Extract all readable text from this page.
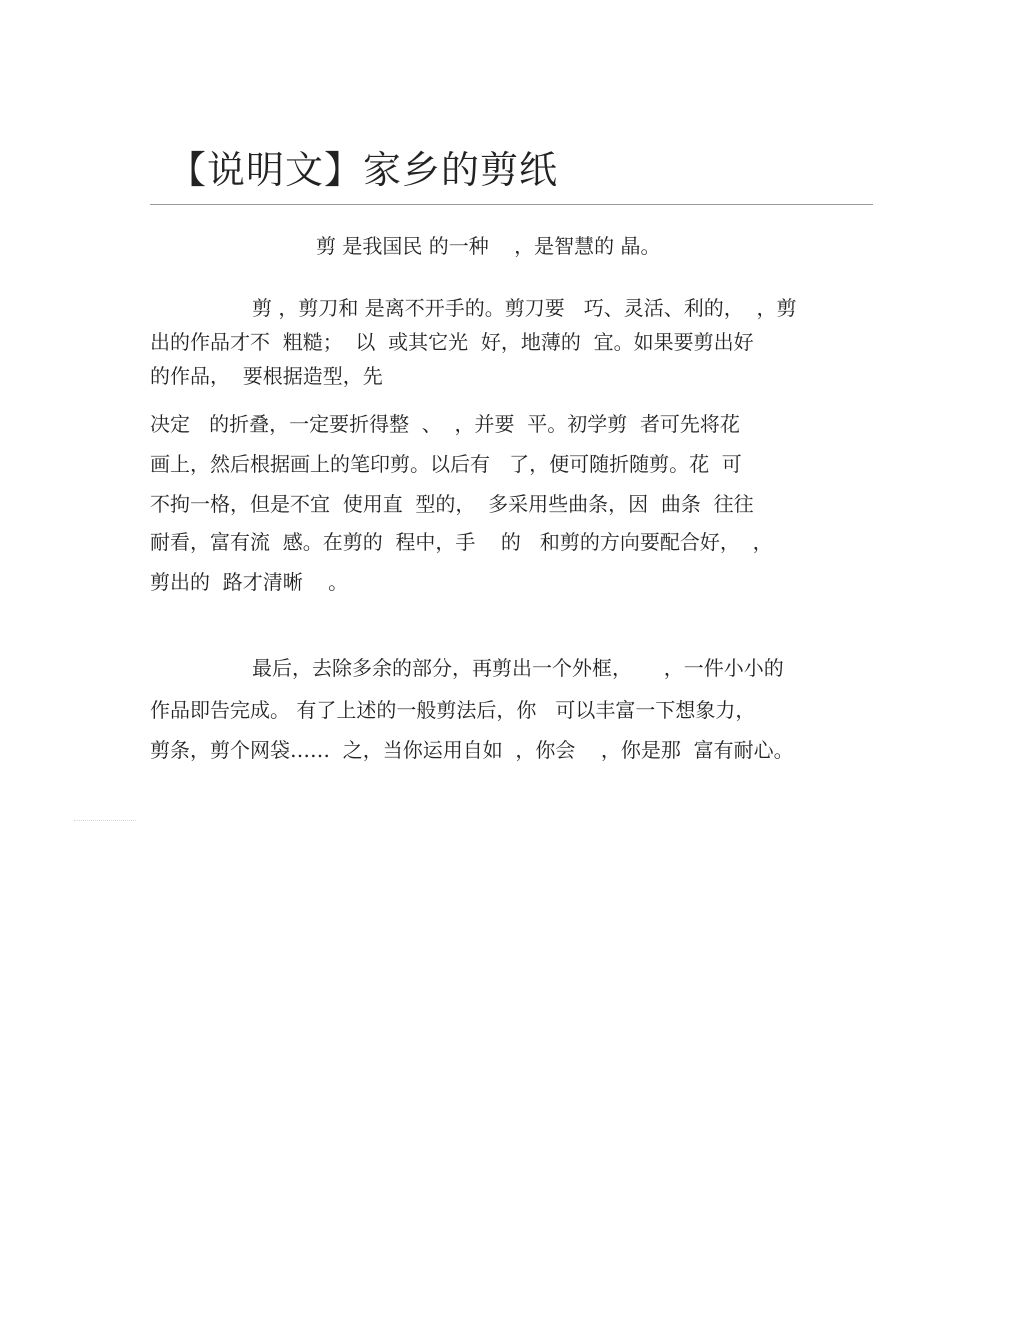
【说明文】家乡的剪纸

剪 是我国民 的一种    ，是智慧的 晶。

剪 ，剪刀和 是离不开手的。剪刀要   巧、灵活、利的，  ，剪

出的作品才不  粗糙；  以  或其它光  好，地薄的  宜。如果要剪出好

的作品，  要根据造型，先

决定   的折叠，一定要折得整  、  ，并要  平。初学剪  者可先将花

画上，然后根据画上的笔印剪。以后有   了，便可随折随剪。花  可

不拘一格，但是不宜  使用直  型的，  多采用些曲条，因  曲条  往往

耐看，富有流  感。在剪的  程中，手    的   和剪的方向要配合好，  ，

剪出的  路才清晰    。

最后，去除多余的部分，再剪出一个外框，     ，一件小小的

作品即告完成。 有了上述的一般剪法后，你   可以丰富一下想象力，

剪条，剪个网袋……  之，当你运用自如  ，你会    ，你是那  富有耐心。
